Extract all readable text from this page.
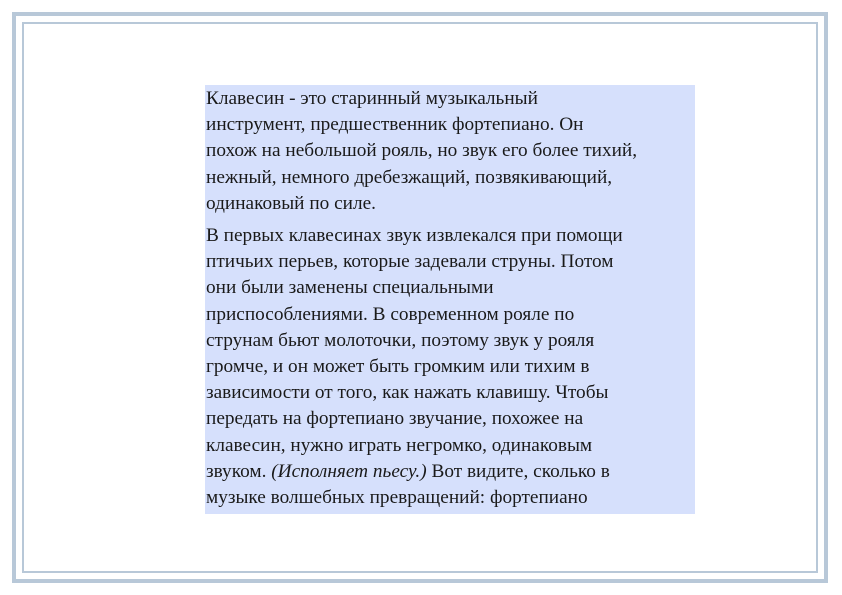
Клавесин - это старинный музыкальный
инструмент, предшественник фортепиано. Он
похож на небольшой рояль, но звук его более тихий,
нежный, немного дребезжащий, позвякивающий,
одинаковый по силе.

В первых клавесинах звук извлекался при помощи
птичьих перьев, которые задевали струны. Потом
они были заменены специальными
приспособлениями. В современном рояле по
струнам бьют молоточки, поэтому звук у рояля
громче, и он может быть громким или тихим в
зависимости от того, как нажать клавишу. Чтобы
передать на фортепиано звучание, похожее на
клавесин, нужно играть негромко, одинаковым
звуком. (Исполняет пьесу.) Вот видите, сколько в
музыке волшебных превращений: фортепиано
